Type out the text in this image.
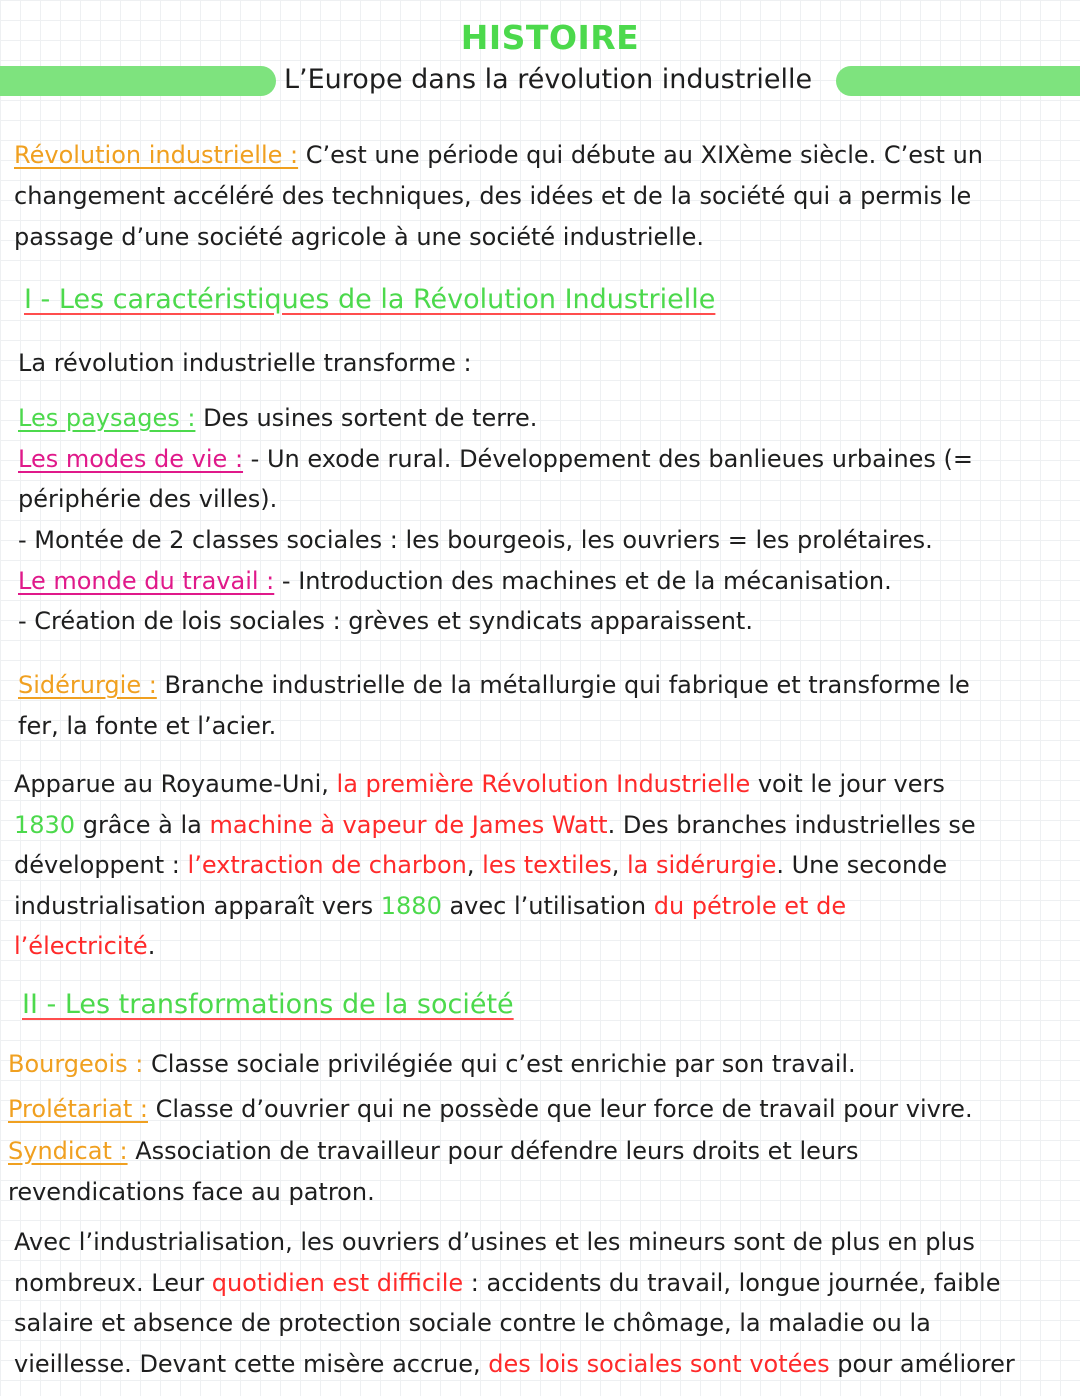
HISTOIRE
L’Europe dans la révolution industrielle
Révolution industrielle : C’est une période qui débute au XIXème siècle. C’est un
changement accéléré des techniques, des idées et de la société qui a permis le
passage d’une société agricole à une société industrielle.
I - Les caractéristiques de la Révolution Industrielle
La révolution industrielle transforme :
Les paysages : Des usines sortent de terre.
Les modes de vie : - Un exode rural. Développement des banlieues urbaines (=
périphérie des villes).
- Montée de 2 classes sociales : les bourgeois, les ouvriers = les prolétaires.
Le monde du travail : - Introduction des machines et de la mécanisation.
- Création de lois sociales : grèves et syndicats apparaissent.
Sidérurgie : Branche industrielle de la métallurgie qui fabrique et transforme le
fer, la fonte et l’acier.
Apparue au Royaume-Uni, la première Révolution Industrielle voit le jour vers
1830 grâce à la machine à vapeur de James Watt. Des branches industrielles se
développent : l’extraction de charbon, les textiles, la sidérurgie. Une seconde
industrialisation apparaît vers 1880 avec l’utilisation du pétrole et de
l’électricité.
II - Les transformations de la société
Bourgeois : Classe sociale privilégiée qui c’est enrichie par son travail.
Prolétariat : Classe d’ouvrier qui ne possède que leur force de travail pour vivre.
Syndicat : Association de travailleur pour défendre leurs droits et leurs
revendications face au patron.
Avec l’industrialisation, les ouvriers d’usines et les mineurs sont de plus en plus
nombreux. Leur quotidien est difficile : accidents du travail, longue journée, faible
salaire et absence de protection sociale contre le chômage, la maladie ou la
vieillesse. Devant cette misère accrue, des lois sociales sont votées pour améliorer
